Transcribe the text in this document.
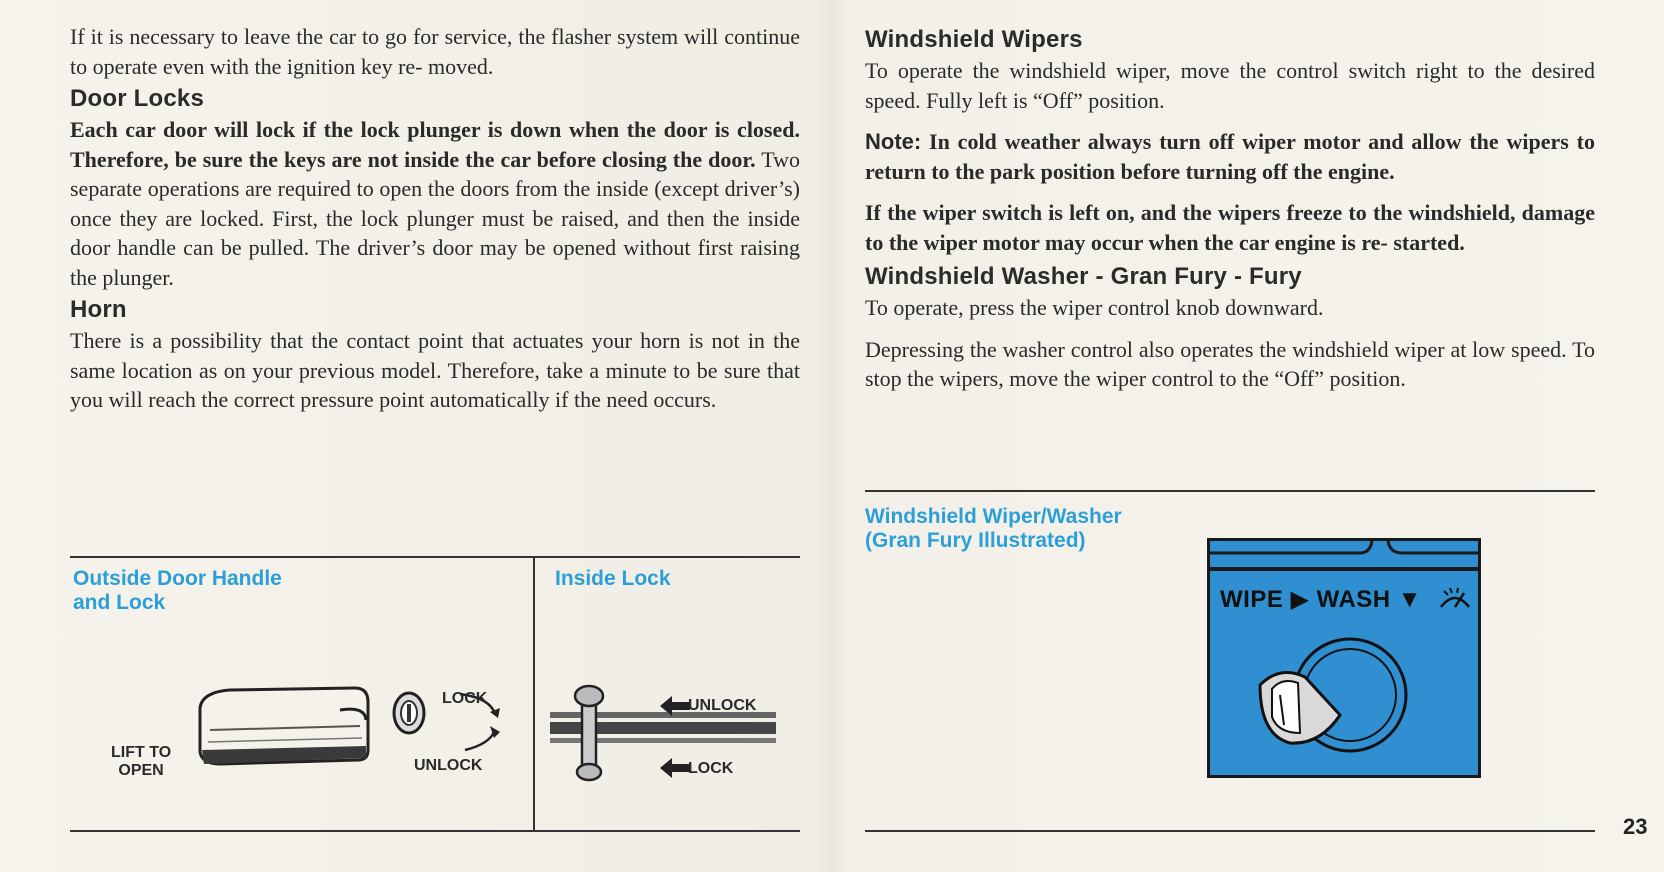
If it is necessary to leave the car to go for service, the flasher system will continue to operate even with the ignition key re- moved.

Door Locks

Each car door will lock if the lock plunger is down when the door is closed. Therefore, be sure the keys are not inside the car before closing the door. Two separate operations are required to open the doors from the inside (except driver’s) once they are locked. First, the lock plunger must be raised, and then the inside door handle can be pulled. The driver’s door may be opened without first raising the plunger.

Horn

There is a possibility that the contact point that actuates your horn is not in the same location as on your previous model. Therefore, take a minute to be sure that you will reach the correct pressure point automatically if the need occurs.

Outside Door Handle
and Lock
LIFT TO
OPEN
LOCK
UNLOCK
Inside Lock
UNLOCK
LOCK
Windshield Wipers

To operate the windshield wiper, move the control switch right to the desired speed. Fully left is “Off” position.

Note: In cold weather always turn off wiper motor and allow the wipers to return to the park position before turning off the engine.

If the wiper switch is left on, and the wipers freeze to the windshield, damage to the wiper motor may occur when the car engine is re- started.

Windshield Washer - Gran Fury - Fury

To operate, press the wiper control knob downward.

Depressing the washer control also operates the windshield wiper at low speed. To stop the wipers, move the wiper control to the “Off” position.

Windshield Wiper/Washer
(Gran Fury Illustrated)
WIPE ▶ WASH ▼
23
